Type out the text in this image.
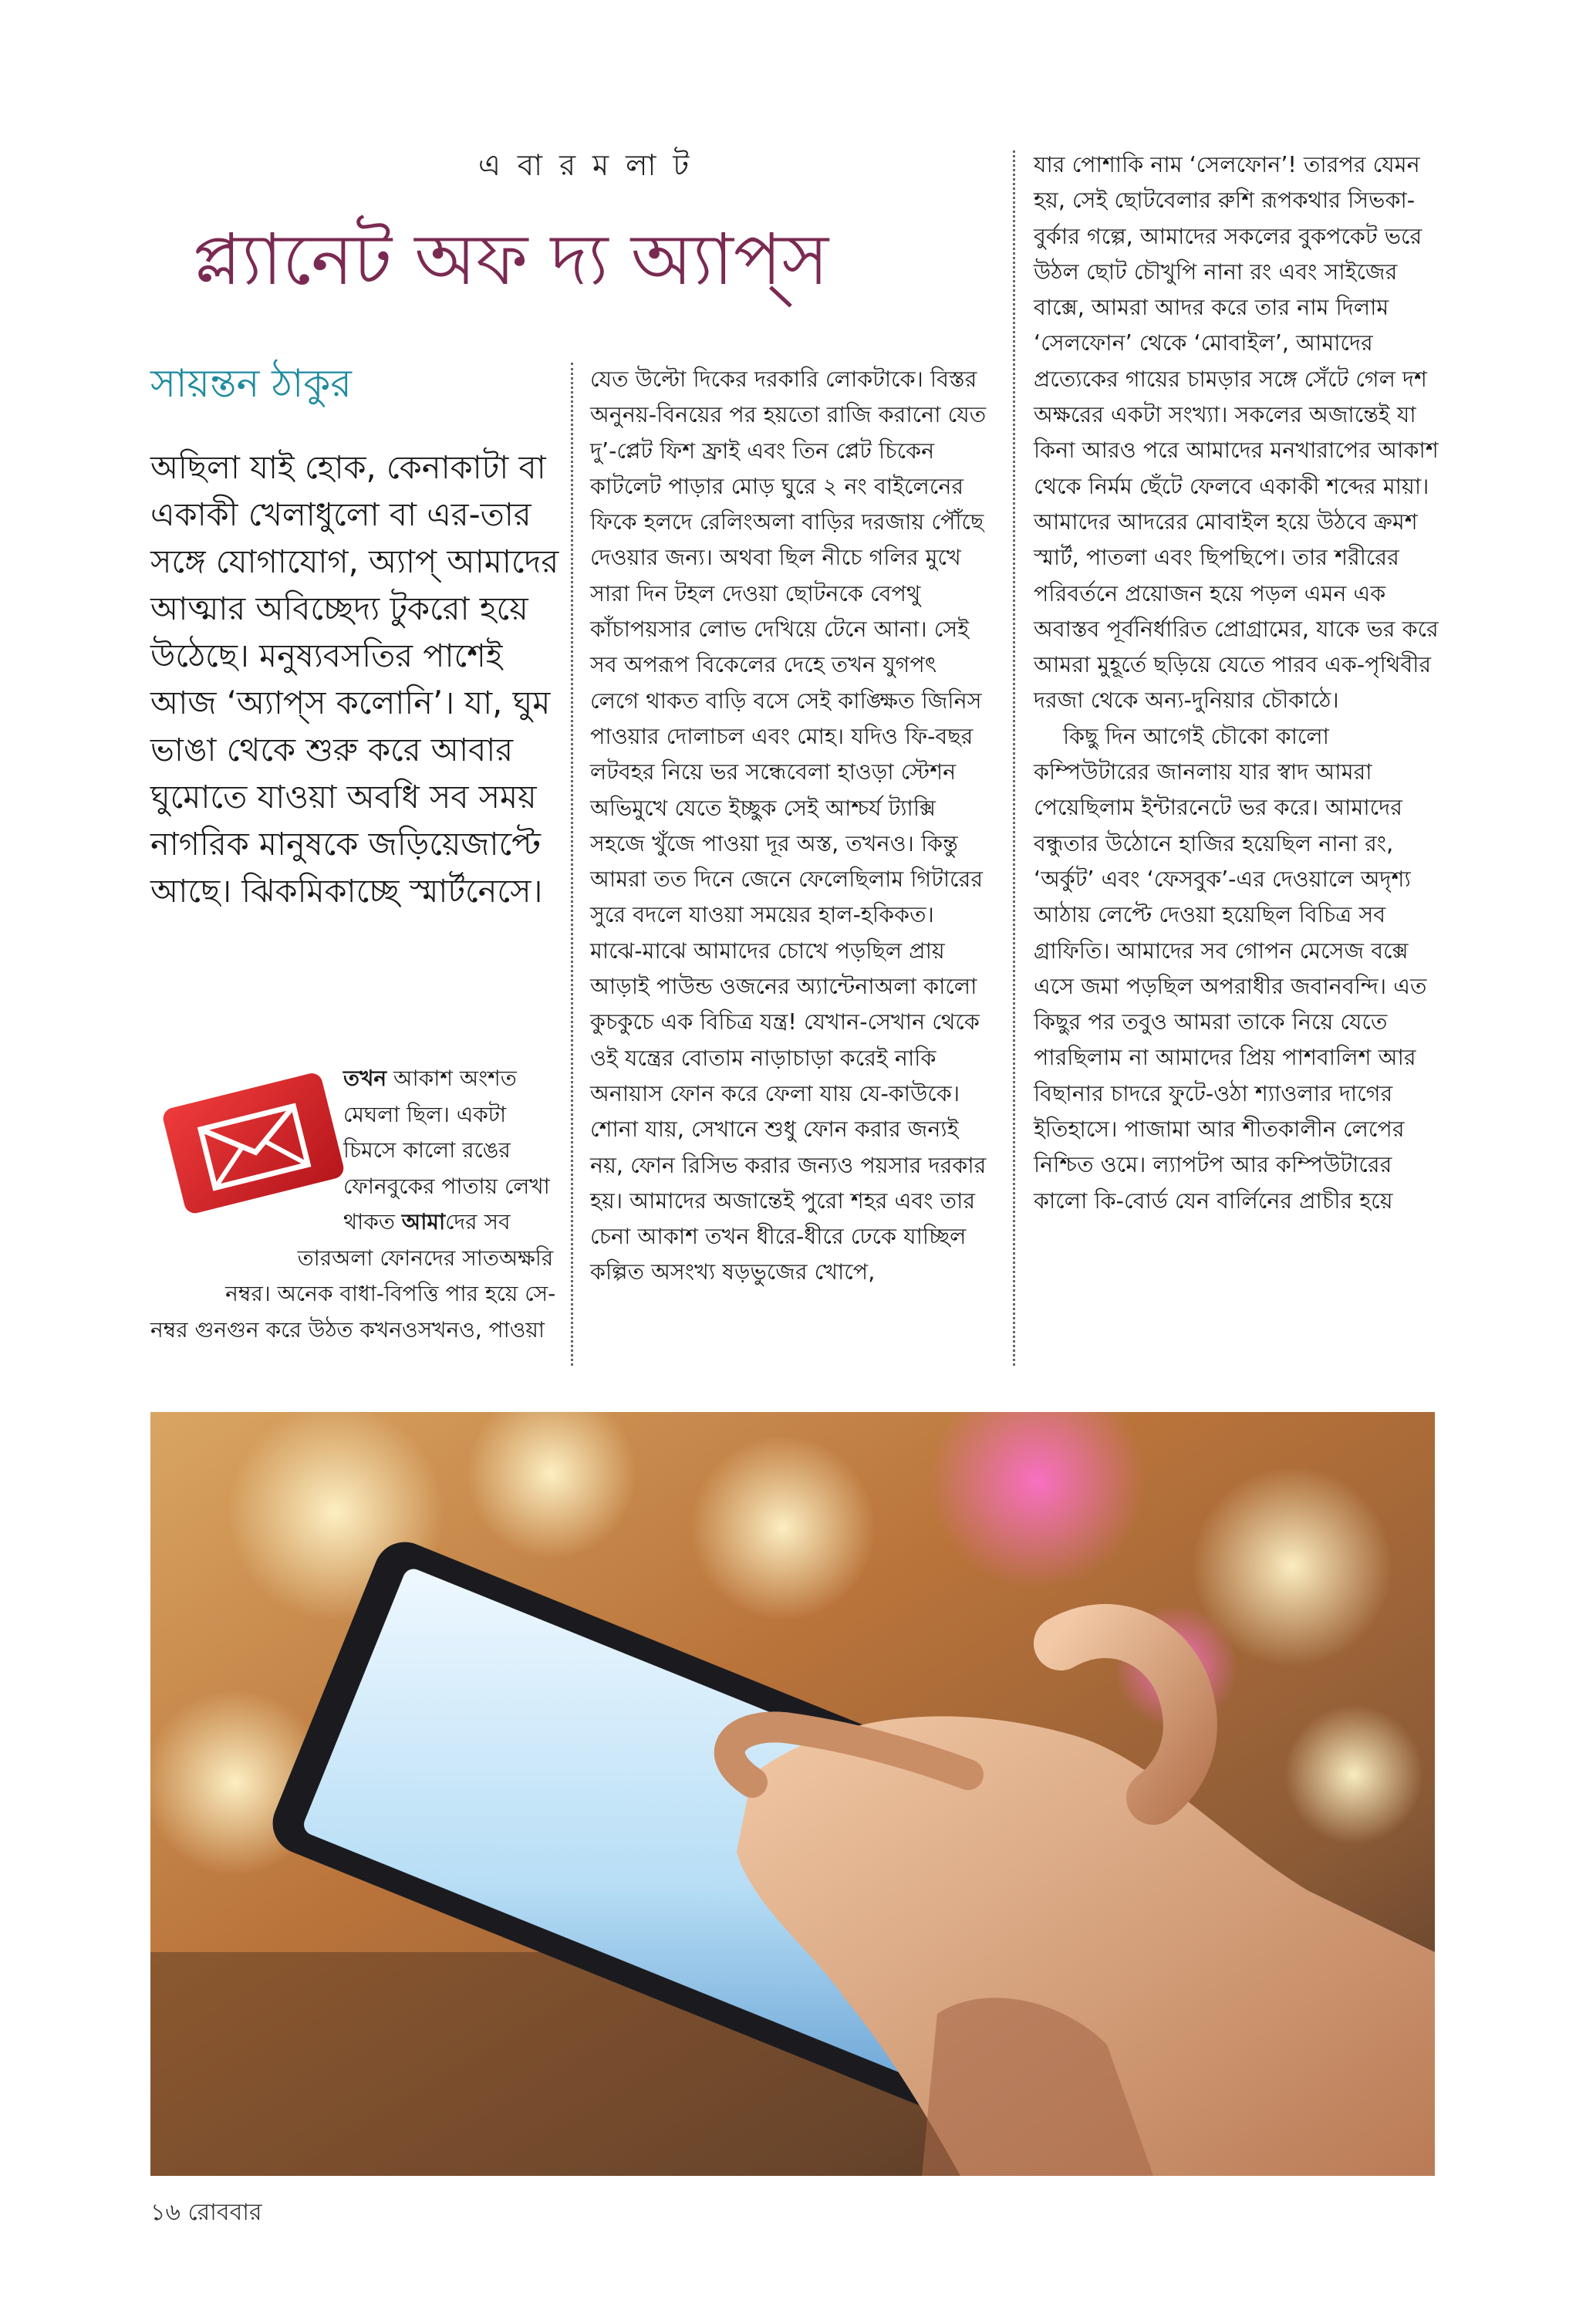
এবারমলাট
প্ল্যানেট অফ দ্য অ্যাপ্‌স
সায়ন্তন ঠাকুর

অছিলা যাই হোক, কেনাকাটা বা একাকী খেলাধুলো বা এর-তার সঙ্গে যোগাযোগ, অ্যাপ্‌ আমাদের আত্মার অবিচ্ছেদ্য টুকরো হয়ে উঠেছে। মনুষ্যবসতির পাশেই আজ ‘অ্যাপ্‌স কলোনি’। যা, ঘুম ভাঙা থেকে শুরু করে আবার ঘুমোতে যাওয়া অবধি সব সময় নাগরিক মানুষকে জড়িয়েজাপ্টে আছে। ঝিকমিকাচ্ছে স্মার্টনেসে।

তখন আকাশ অংশত মেঘলা ছিল। একটা চিমসে কালো রঙের ফোনবুকের পাতায় লেখা থাকত আমাদের সব তারঅলা ফোনদের সাতঅক্ষরি নম্বর। অনেক বাধা-বিপত্তি পার হয়ে সে-নম্বর গুনগুন করে উঠত কখনওসখনও, পাওয়া

যেত উল্টো দিকের দরকারি লোকটাকে। বিস্তর অনুনয়-বিনয়ের পর হয়তো রাজি করানো যেত দু’-প্লেট ফিশ ফ্রাই এবং তিন প্লেট চিকেন কাটলেট পাড়ার মোড় ঘুরে ২ নং বাইলেনের ফিকে হলদে রেলিংঅলা বাড়ির দরজায় পৌঁছে দেওয়ার জন্য। অথবা ছিল নীচে গলির মুখে সারা দিন টহল দেওয়া ছোটনকে বেপথু কাঁচাপয়সার লোভ দেখিয়ে টেনে আনা। সেই সব অপরূপ বিকেলের দেহে তখন যুগপৎ লেগে থাকত বাড়ি বসে সেই কাঙ্ক্ষিত জিনিস পাওয়ার দোলাচল এবং মোহ। যদিও ফি-বছর লটবহর নিয়ে ভর সন্ধেবেলা হাওড়া স্টেশন অভিমুখে যেতে ইচ্ছুক সেই আশ্চর্য ট্যাক্সি সহজে খুঁজে পাওয়া দূর অস্ত, তখনও। কিন্তু আমরা তত দিনে জেনে ফেলেছিলাম গিটারের সুরে বদলে যাওয়া সময়ের হাল-হকিকত। মাঝে-মাঝে আমাদের চোখে পড়ছিল প্রায় আড়াই পাউন্ড ওজনের অ্যান্টেনাঅলা কালো কুচকুচে এক বিচিত্র যন্ত্র! যেখান-সেখান থেকে ওই যন্ত্রের বোতাম নাড়াচাড়া করেই নাকি অনায়াস ফোন করে ফেলা যায় যে-কাউকে। শোনা যায়, সেখানে শুধু ফোন করার জন্যই নয়, ফোন রিসিভ করার জন্যও পয়সার দরকার হয়। আমাদের অজান্তেই পুরো শহর এবং তার চেনা আকাশ তখন ধীরে-ধীরে ঢেকে যাচ্ছিল কল্পিত অসংখ্য ষড়ভুজের খোপে,

যার পোশাকি নাম ‘সেলফোন’! তারপর যেমন হয়, সেই ছোটবেলার রুশি রূপকথার সিভকা-বুর্কার গল্পে, আমাদের সকলের বুকপকেট ভরে উঠল ছোট চৌখুপি নানা রং এবং সাইজের বাক্সে, আমরা আদর করে তার নাম দিলাম ‘সেলফোন’ থেকে ‘মোবাইল’, আমাদের প্রত্যেকের গায়ের চামড়ার সঙ্গে সেঁটে গেল দশ অক্ষরের একটা সংখ্যা। সকলের অজান্তেই যা কিনা আরও পরে আমাদের মনখারাপের আকাশ থেকে নির্মম ছেঁটে ফেলবে একাকী শব্দের মায়া। আমাদের আদরের মোবাইল হয়ে উঠবে ক্রমশ স্মার্ট, পাতলা এবং ছিপছিপে। তার শরীরের পরিবর্তনে প্রয়োজন হয়ে পড়ল এমন এক অবাস্তব পূর্বনির্ধারিত প্রোগ্রামের, যাকে ভর করে আমরা মুহূর্তে ছড়িয়ে যেতে পারব এক-পৃথিবীর দরজা থেকে অন্য-দুনিয়ার চৌকাঠে।

কিছু দিন আগেই চৌকো কালো কম্পিউটারের জানলায় যার স্বাদ আমরা পেয়েছিলাম ইন্টারনেটে ভর করে। আমাদের বন্ধুতার উঠোনে হাজির হয়েছিল নানা রং, ‘অর্কুট’ এবং ‘ফেসবুক’-এর দেওয়ালে অদৃশ্য আঠায় লেপ্টে দেওয়া হয়েছিল বিচিত্র সব গ্রাফিতি। আমাদের সব গোপন মেসেজ বক্সে এসে জমা পড়ছিল অপরাধীর জবানবন্দি। এত কিছুর পর তবুও আমরা তাকে নিয়ে যেতে পারছিলাম না আমাদের প্রিয় পাশবালিশ আর বিছানার চাদরে ফুটে-ওঠা শ্যাওলার দাগের ইতিহাসে। পাজামা আর শীতকালীন লেপের নিশ্চিত ওমে। ল্যাপটপ আর কম্পিউটারের কালো কি-বোর্ড যেন বার্লিনের প্রাচীর হয়ে

১৬ রোববার
